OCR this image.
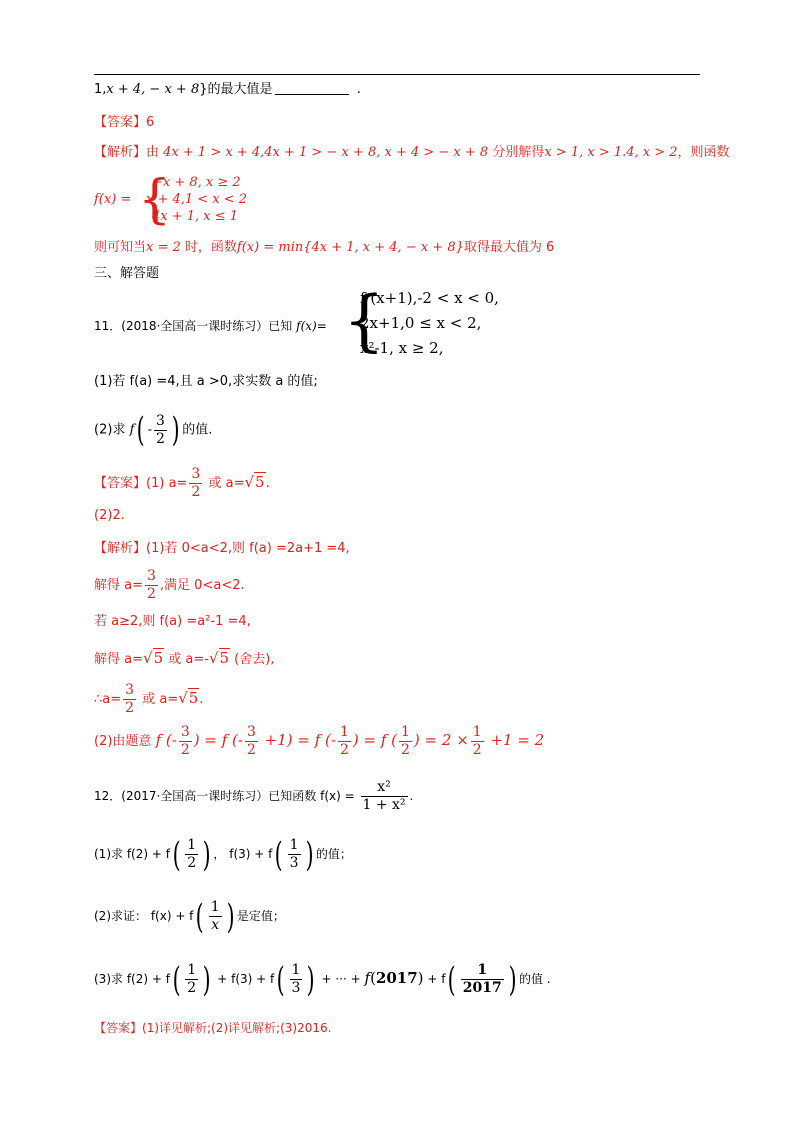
1,x + 4, − x + 8}的最大值是	.
【答案】6
【解析】由 4x + 1 > x + 4,4x + 1 > − x + 8, x + 4 > − x + 8 分别解得x > 1, x > 1.4, x > 2，则函数
f(x) = {
−x + 8, x ≥ 2
x + 4,1 < x < 2
4x + 1, x ≤ 1
则可知当x = 2 时，函数f(x) = min{4x + 1, x + 4, − x + 8}取得最大值为 6
三、解答题
11．(2018·全国高一课时练习）已知 f(x)= {
f (x+1),-2 < x < 0,
2x+1,0 ≤ x < 2,
x²-1, x ≥ 2,
(1)若 f(a) =4,且 a >0,求实数 a 的值;
(2)求 $f( - \frac{3}{2}$ ) 的值.
【答案】(1) $a= \frac{3}{2}$ 或 a=√5.
(2)2.
【解析】(1)若 0<a<2,则 f(a) =2a+1 =4,
解得 $a= \frac{3}{2}$ ,满足 0<a<2.
若 a≥2,则 f(a) =a²-1 =4,
解得 a=√5 或 a=-√5 (舍去),
∴a= $\frac{3}{2}$ 或 a=√5.
(2)由题意 f (- $\frac{3}{2}$ ) = f (- $\frac{3}{2} +1) = f$ (- $\frac{1}{2}$ ) = f ( $\frac{1}{2}$ ) = $2 \times \frac{1}{2} +1 = 2$
12．(2017·全国高一课时练习）已知函数 $f(x) = \frac{\text{x²}}{\text{1 + x²}}$ .
(1)求 $f(2) + f( \frac{1}{2}$ ) ， $f(3) + f( \frac{1}{3}$ ) 的值；
(2)求证： $f(x) + f( \frac{1}{x}$ ) 是定值；
(3)求 $f(2) + f( \frac{1}{2}$ ) + $f(3) + f( \frac{1}{3}$ ) + ··· + $f(2017) + f( \frac{1}{2017}$ ) 的值 .
【答案】(1)详见解析;(2)详见解析;(3)2016.
